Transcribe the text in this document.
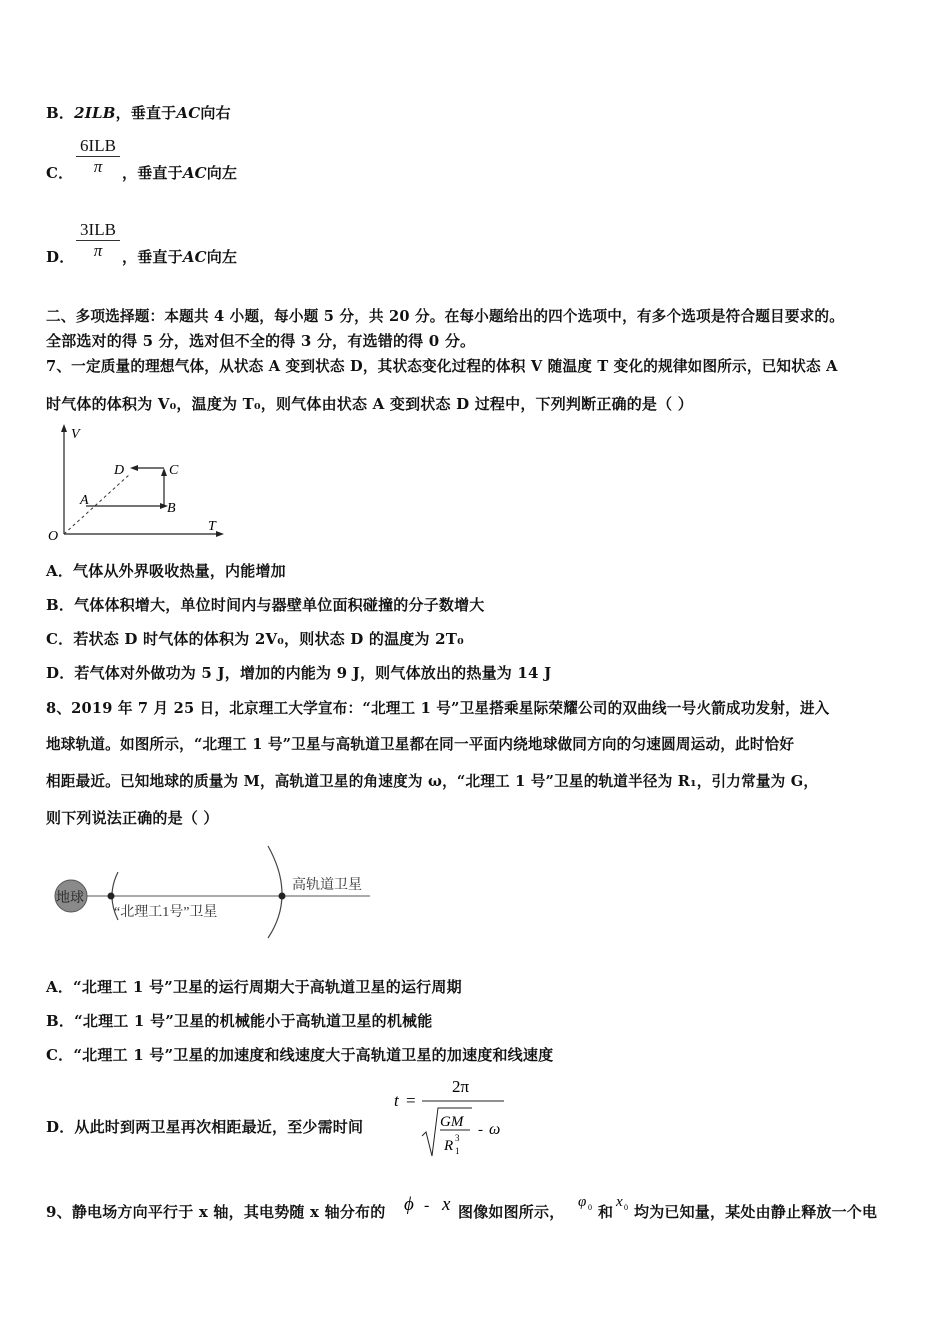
B．2ILB，垂直于AC向右
C．
6ILB
π	，垂直于AC向左
D．
3ILB
π	，垂直于AC向左
二、多项选择题：本题共 4 小题，每小题 5 分，共 20 分。在每小题给出的四个选项中，有多个选项是符合题目要求的。
全部选对的得 5 分，选对但不全的得 3 分，有选错的得 0 分。
7、一定质量的理想气体，从状态 A 变到状态 D，其状态变化过程的体积 V 随温度 T 变化的规律如图所示，已知状态 A
时气体的体积为 V₀，温度为 T₀，则气体由状态 A 变到状态 D 过程中，下列判断正确的是（ ）
V
T
O
A
B
C
D
A．气体从外界吸收热量，内能增加
B．气体体积增大，单位时间内与器壁单位面积碰撞的分子数增大
C．若状态 D 时气体的体积为 2V₀，则状态 D 的温度为 2T₀
D．若气体对外做功为 5 J，增加的内能为 9 J，则气体放出的热量为 14 J
8、2019 年 7 月 25 日，北京理工大学宣布：“北理工 1 号”卫星搭乘星际荣耀公司的双曲线一号火箭成功发射，进入
地球轨道。如图所示，“北理工 1 号”卫星与高轨道卫星都在同一平面内绕地球做同方向的匀速圆周运动，此时恰好
相距最近。已知地球的质量为 M，高轨道卫星的角速度为 ω，“北理工 1 号”卫星的轨道半径为 R₁，引力常量为 G，
则下列说法正确的是（ ）
地球
“北理工1号”卫星
高轨道卫星
A．“北理工 1 号”卫星的运行周期大于高轨道卫星的运行周期
B．“北理工 1 号”卫星的机械能小于高轨道卫星的机械能
C．“北理工 1 号”卫星的加速度和线速度大于高轨道卫星的加速度和线速度
D．从此时到两卫星再次相距最近，至少需时间
t =
2π
GM
R 3
1
- ω
9、静电场方向平行于 x 轴，其电势随 x 轴分布的 ϕ - x 图像如图所示，
φ 0 和
x 0 均为已知量，某处由静止释放一个电
